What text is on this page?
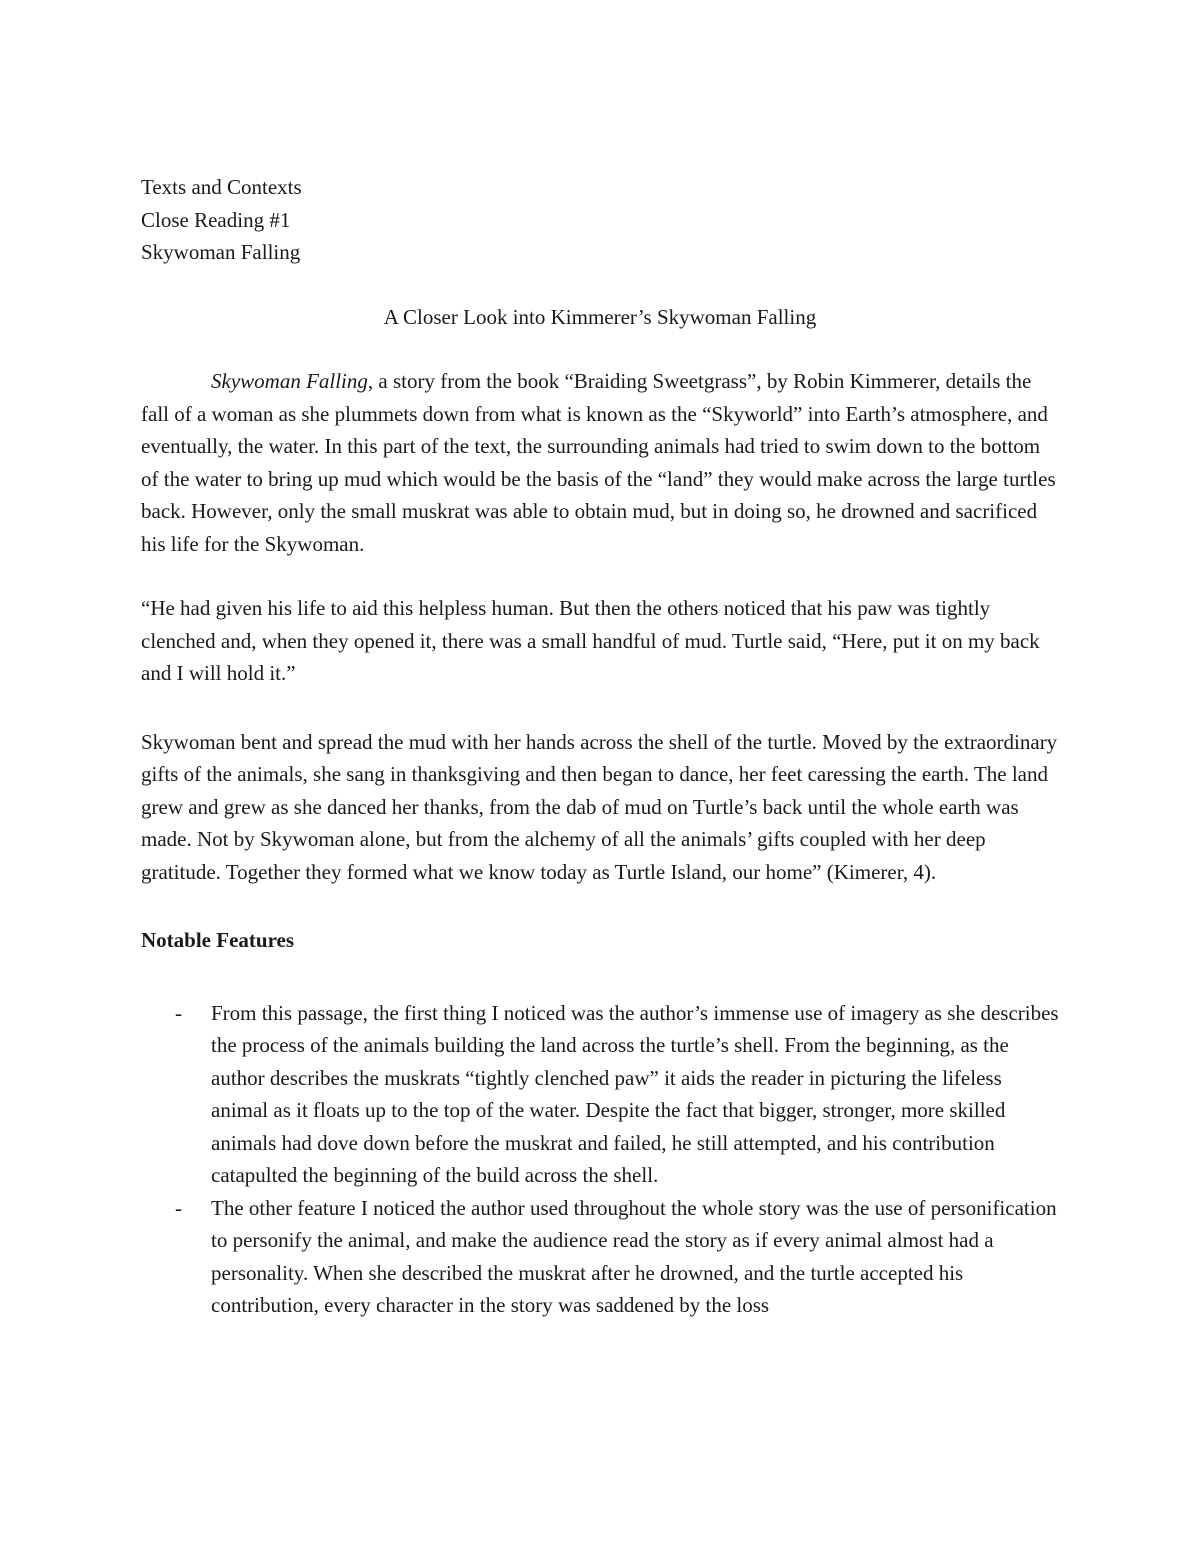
Texts and Contexts

Close Reading #1

Skywoman Falling

A Closer Look into Kimmerer’s Skywoman Falling

Skywoman Falling, a story from the book “Braiding Sweetgrass”, by Robin Kimmerer, details the fall of a woman as she plummets down from what is known as the “Skyworld” into Earth’s atmosphere, and eventually, the water. In this part of the text, the surrounding animals had tried to swim down to the bottom of the water to bring up mud which would be the basis of the “land” they would make across the large turtles back. However, only the small muskrat was able to obtain mud, but in doing so, he drowned and sacrificed his life for the Skywoman.

“He had given his life to aid this helpless human. But then the others noticed that his paw was tightly clenched and, when they opened it, there was a small handful of mud. Turtle said, “Here, put it on my back and I will hold it.”

Skywoman bent and spread the mud with her hands across the shell of the turtle. Moved by the extraordinary gifts of the animals, she sang in thanksgiving and then began to dance, her feet caressing the earth. The land grew and grew as she danced her thanks, from the dab of mud on Turtle’s back until the whole earth was made. Not by Skywoman alone, but from the alchemy of all the animals’ gifts coupled with her deep gratitude. Together they formed what we know today as Turtle Island, our home” (Kimerer, 4).

Notable Features

- From this passage, the first thing I noticed was the author’s immense use of imagery as she describes the process of the animals building the land across the turtle’s shell. From the beginning, as the author describes the muskrats “tightly clenched paw” it aids the reader in picturing the lifeless animal as it floats up to the top of the water. Despite the fact that bigger, stronger, more skilled animals had dove down before the muskrat and failed, he still attempted, and his contribution catapulted the beginning of the build across the shell.
- The other feature I noticed the author used throughout the whole story was the use of personification to personify the animal, and make the audience read the story as if every animal almost had a personality. When she described the muskrat after he drowned, and the turtle accepted his contribution, every character in the story was saddened by the loss
